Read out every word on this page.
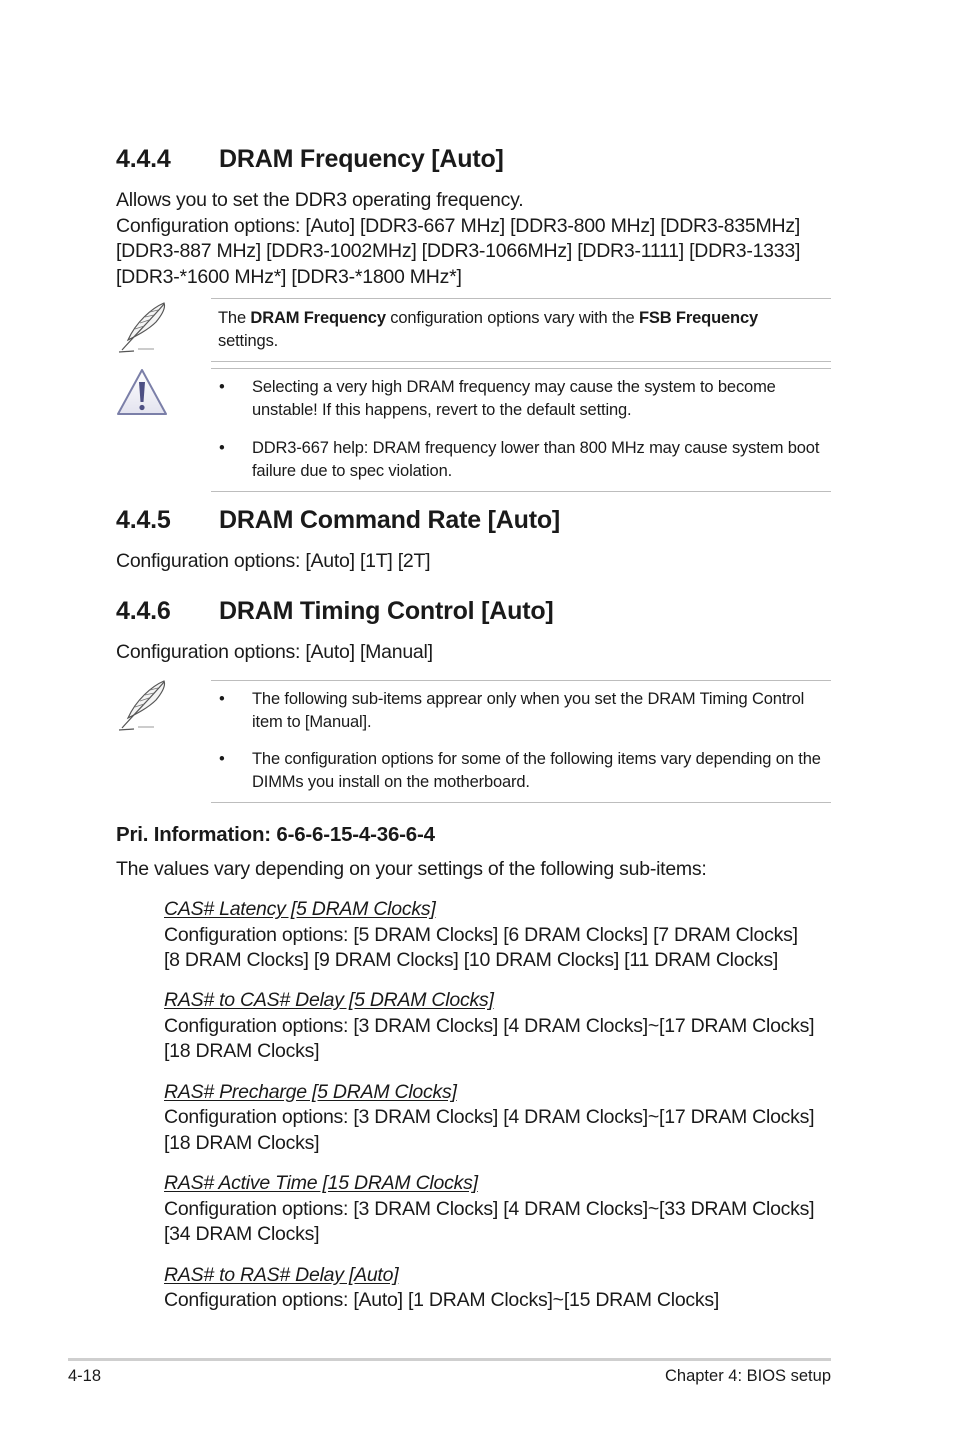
4.4.4 DRAM Frequency [Auto]
Allows you to set the DDR3 operating frequency.
Configuration options: [Auto] [DDR3-667 MHz] [DDR3-800 MHz] [DDR3-835MHz]
[DDR3-887 MHz] [DDR3-1002MHz] [DDR3-1066MHz] [DDR3-1111] [DDR3-1333]
[DDR3-*1600 MHz*] [DDR3-*1800 MHz*]
The DRAM Frequency configuration options vary with the FSB Frequency
settings.
• Selecting a very high DRAM frequency may cause the system to become unstable! If this happens, revert to the default setting.
• DDR3-667 help: DRAM frequency lower than 800 MHz may cause system boot failure due to spec violation.
4.4.5 DRAM Command Rate [Auto]
Configuration options: [Auto] [1T] [2T]
4.4.6 DRAM Timing Control [Auto]
Configuration options: [Auto] [Manual]
• The following sub-items apprear only when you set the DRAM Timing Control item to [Manual].
• The configuration options for some of the following items vary depending on the DIMMs you install on the motherboard.
Pri. Information: 6-6-6-15-4-36-6-4
The values vary depending on your settings of the following sub-items:
CAS# Latency [5 DRAM Clocks]
Configuration options: [5 DRAM Clocks] [6 DRAM Clocks] [7 DRAM Clocks]
[8 DRAM Clocks] [9 DRAM Clocks] [10 DRAM Clocks] [11 DRAM Clocks]
RAS# to CAS# Delay [5 DRAM Clocks]
Configuration options: [3 DRAM Clocks] [4 DRAM Clocks]~[17 DRAM Clocks]
[18 DRAM Clocks]
RAS# Precharge [5 DRAM Clocks]
Configuration options: [3 DRAM Clocks] [4 DRAM Clocks]~[17 DRAM Clocks]
[18 DRAM Clocks]
RAS# Active Time [15 DRAM Clocks]
Configuration options: [3 DRAM Clocks] [4 DRAM Clocks]~[33 DRAM Clocks]
[34 DRAM Clocks]
RAS# to RAS# Delay [Auto]
Configuration options: [Auto] [1 DRAM Clocks]~[15 DRAM Clocks]
4-18	Chapter 4: BIOS setup
